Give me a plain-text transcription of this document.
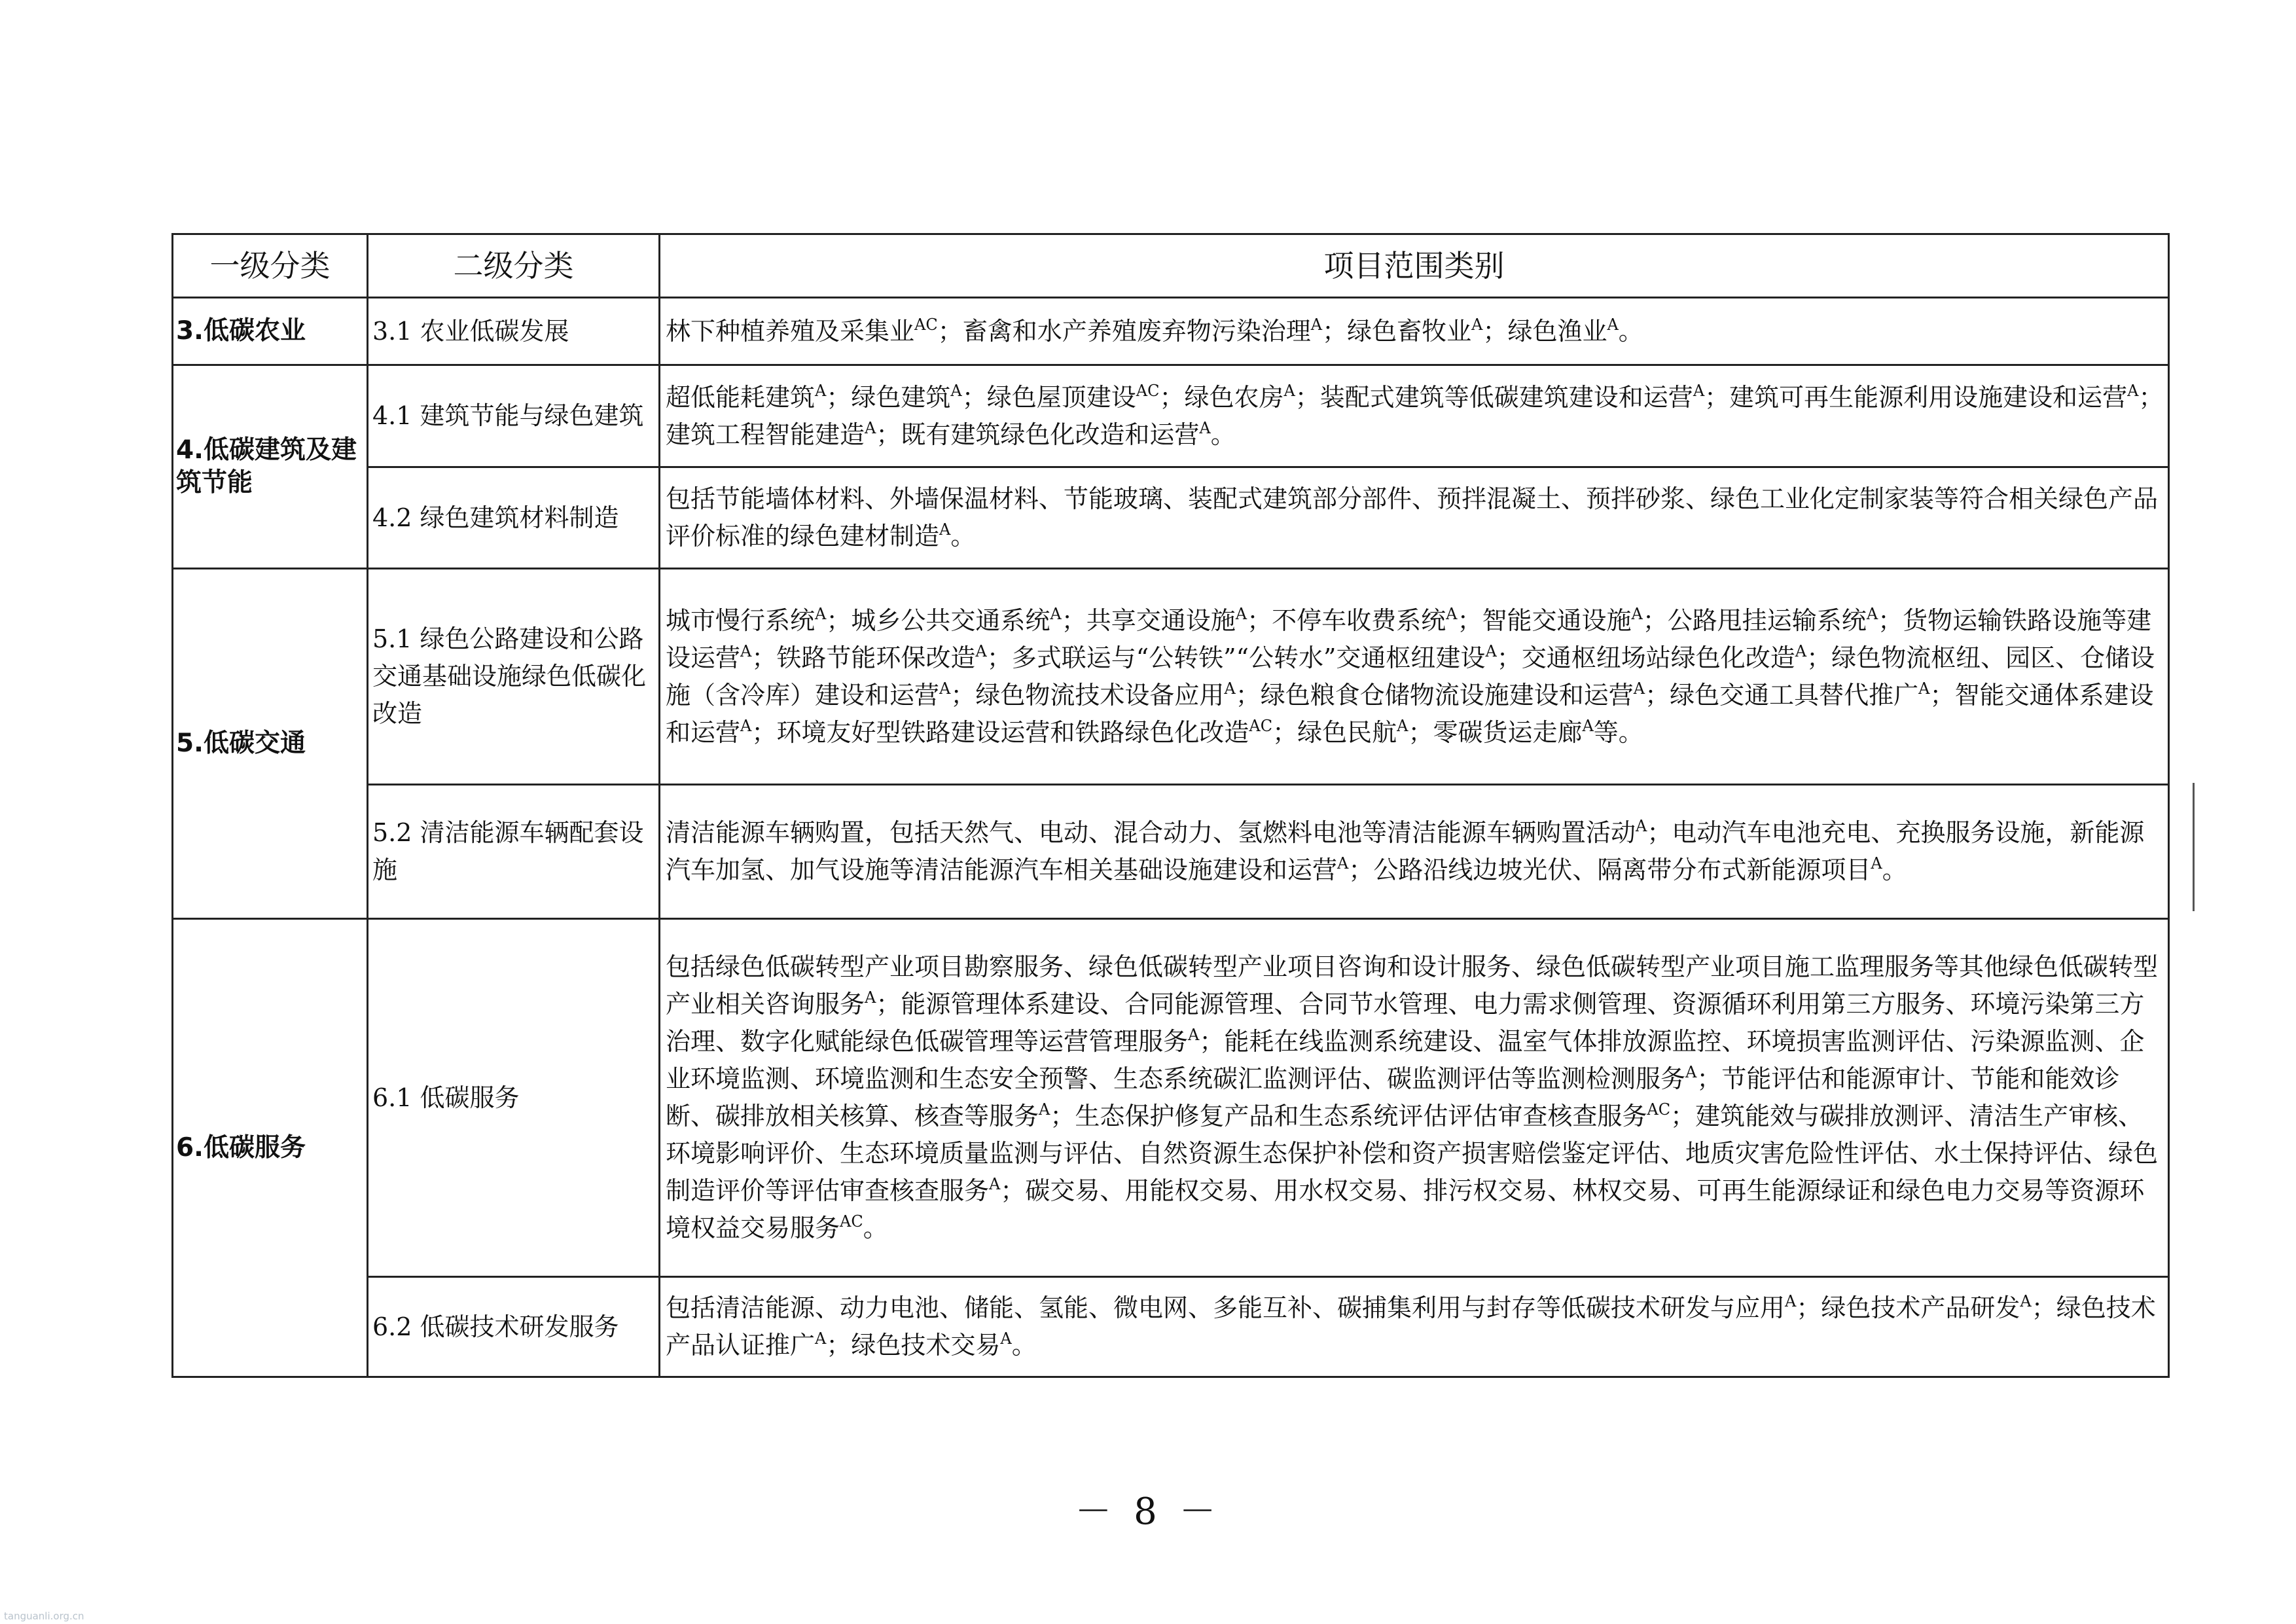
一级分类	二级分类	项目范围类别
3.低碳农业	3.1 农业低碳发展	林下种植养殖及采集业$^{AC}$；畜禽和水产养殖废弃物污染治理$^A$；绿色畜牧业$^A$；绿色渔业$^A$。
4.低碳建筑及建筑节能	4.1 建筑节能与绿色建筑	超低能耗建筑$^A$；绿色建筑$^A$；绿色屋顶建设$^{AC}$；绿色农房$^A$；装配式建筑等低碳建筑建设和运营$^A$；建筑可再生能源利用设施建设和运营$^A$；建筑工程智能建造$^A$；既有建筑绿色化改造和运营$^A$。
	4.2 绿色建筑材料制造	包括节能墙体材料、外墙保温材料、节能玻璃、装配式建筑部分部件、预拌混凝土、预拌砂浆、绿色工业化定制家装等符合相关绿色产品评价标准的绿色建材制造$^A$。
5.低碳交通	5.1 绿色公路建设和公路交通基础设施绿色低碳化改造	城市慢行系统$^A$；城乡公共交通系统$^A$；共享交通设施$^A$；不停车收费系统$^A$；智能交通设施$^A$；公路甩挂运输系统$^A$；货物运输铁路设施等建设运营$^A$；铁路节能环保改造$^A$；多式联运与“公转铁”“公转水”交通枢纽建设$^A$；交通枢纽场站绿色化改造$^A$；绿色物流枢纽、园区、仓储设施（含冷库）建设和运营$^A$；绿色物流技术设备应用$^A$；绿色粮食仓储物流设施建设和运营$^A$；绿色交通工具替代推广$^A$；智能交通体系建设和运营$^A$；环境友好型铁路建设运营和铁路绿色化改造$^{AC}$；绿色民航$^A$；零碳货运走廊$^A$等。
	5.2 清洁能源车辆配套设施	清洁能源车辆购置，包括天然气、电动、混合动力、氢燃料电池等清洁能源车辆购置活动$^A$；电动汽车电池充电、充换服务设施，新能源汽车加氢、加气设施等清洁能源汽车相关基础设施建设和运营$^A$；公路沿线边坡光伏、隔离带分布式新能源项目$^A$。
6.低碳服务	6.1 低碳服务	包括绿色低碳转型产业项目勘察服务、绿色低碳转型产业项目咨询和设计服务、绿色低碳转型产业项目施工监理服务等其他绿色低碳转型产业相关咨询服务$^A$；能源管理体系建设、合同能源管理、合同节水管理、电力需求侧管理、资源循环利用第三方服务、环境污染第三方治理、数字化赋能绿色低碳管理等运营管理服务$^A$；能耗在线监测系统建设、温室气体排放源监控、环境损害监测评估、污染源监测、企业环境监测、环境监测和生态安全预警、生态系统碳汇监测评估、碳监测评估等监测检测服务$^A$；节能评估和能源审计、节能和能效诊断、碳排放相关核算、核查等服务$^A$；生态保护修复产品和生态系统评估评估审查核查服务$^{AC}$；建筑能效与碳排放测评、清洁生产审核、环境影响评价、生态环境质量监测与评估、自然资源生态保护补偿和资产损害赔偿鉴定评估、地质灾害危险性评估、水土保持评估、绿色制造评价等评估审查核查服务$^A$；碳交易、用能权交易、用水权交易、排污权交易、林权交易、可再生能源绿证和绿色电力交易等资源环境权益交易服务$^{AC}$。
	6.2 低碳技术研发服务	包括清洁能源、动力电池、储能、氢能、微电网、多能互补、碳捕集利用与封存等低碳技术研发与应用$^A$；绿色技术产品研发$^A$；绿色技术产品认证推广$^A$；绿色技术交易$^A$。
－ 8 －
tanguanli.org.cn
